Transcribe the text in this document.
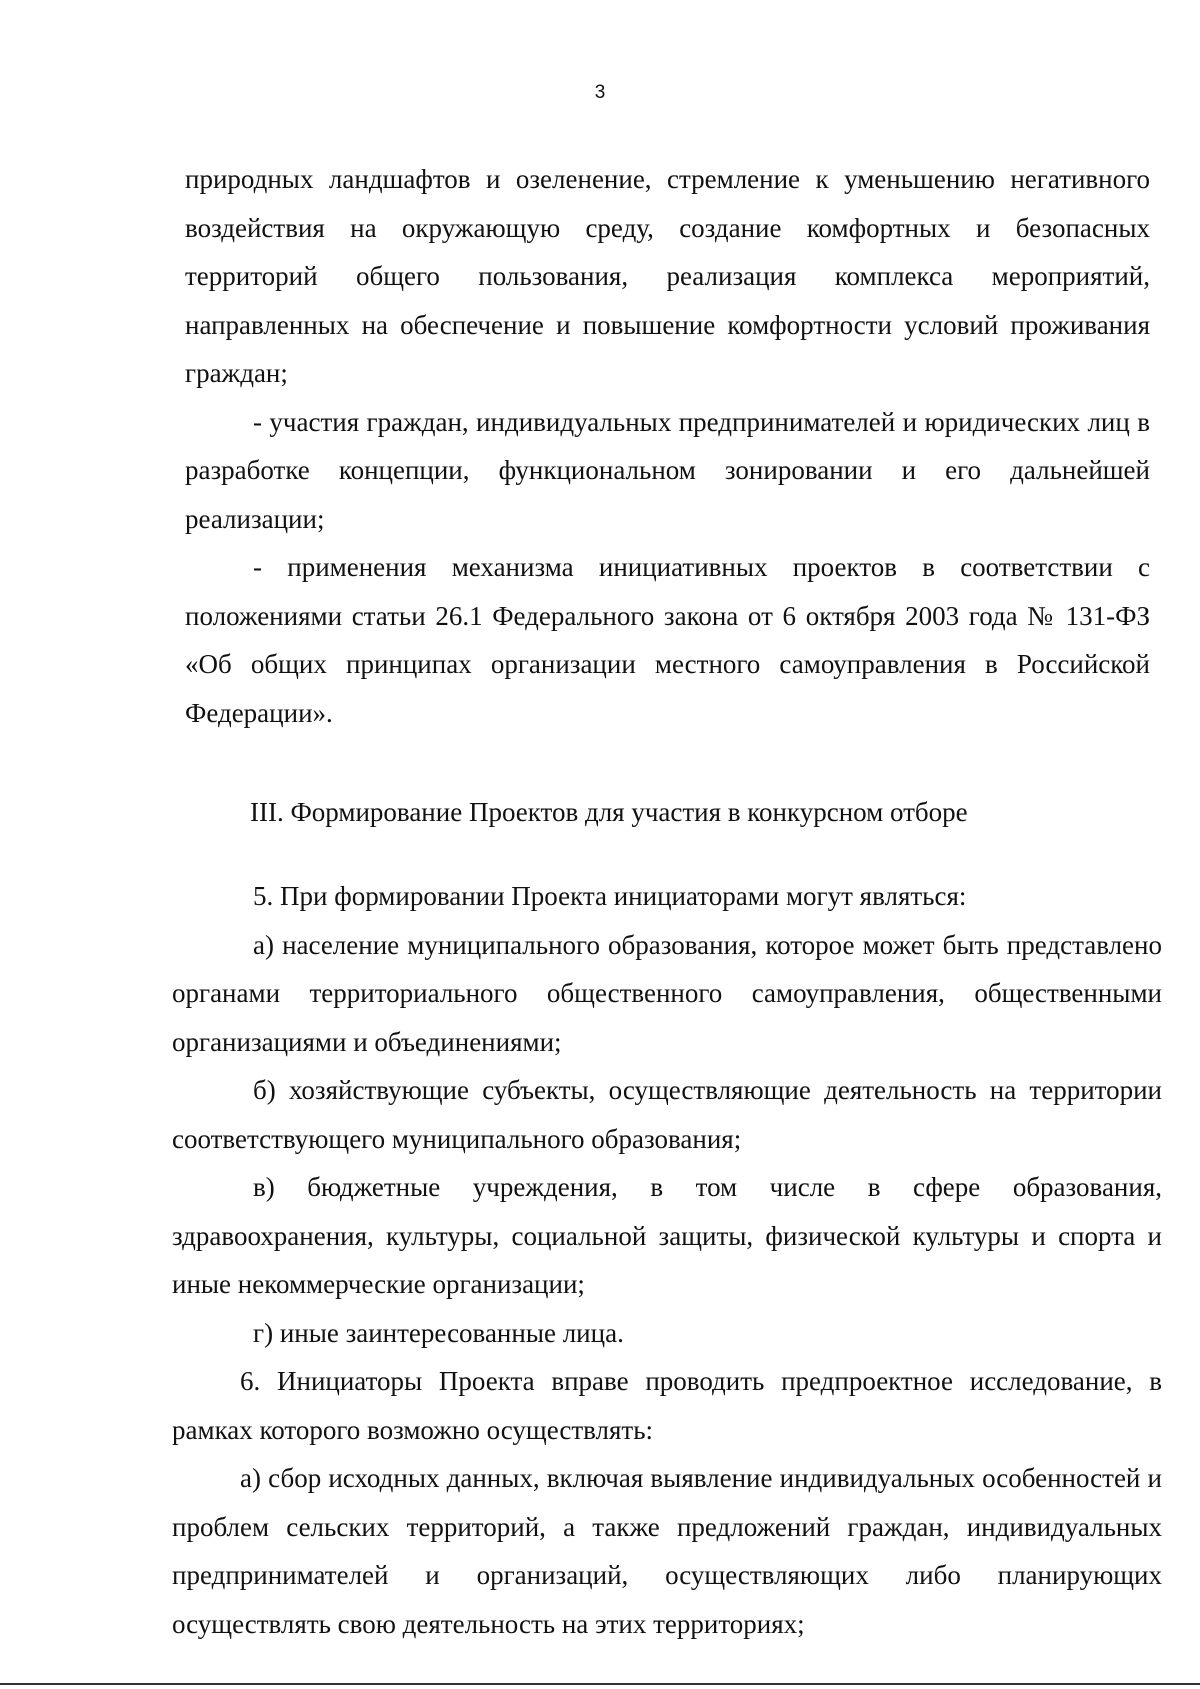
3

природных ландшафтов и озеленение, стремление к уменьшению негативного воздействия на окружающую среду, создание комфортных и безопасных территорий общего пользования, реализация комплекса мероприятий, направленных на обеспечение и повышение комфортности условий проживания граждан;

- участия граждан, индивидуальных предпринимателей и юридических лиц в разработке концепции, функциональном зонировании и его дальнейшей реализации;

- применения механизма инициативных проектов в соответствии с положениями статьи 26.1 Федерального закона от 6 октября 2003 года № 131-ФЗ «Об общих принципах организации местного самоуправления в Российской Федерации».

III. Формирование Проектов для участия в конкурсном отборе

5. При формировании Проекта инициаторами могут являться:

а) население муниципального образования, которое может быть представлено органами территориального общественного самоуправления, общественными организациями и объединениями;

б) хозяйствующие субъекты, осуществляющие деятельность на территории соответствующего муниципального образования;

в) бюджетные учреждения, в том числе в сфере образования, здравоохранения, культуры, социальной защиты, физической культуры и спорта и иные некоммерческие организации;

г) иные заинтересованные лица.

6. Инициаторы Проекта вправе проводить предпроектное исследование, в рамках которого возможно осуществлять:

а) сбор исходных данных, включая выявление индивидуальных особенностей и проблем сельских территорий, а также предложений граждан, индивидуальных предпринимателей и организаций, осуществляющих либо планирующих осуществлять свою деятельность на этих территориях;
